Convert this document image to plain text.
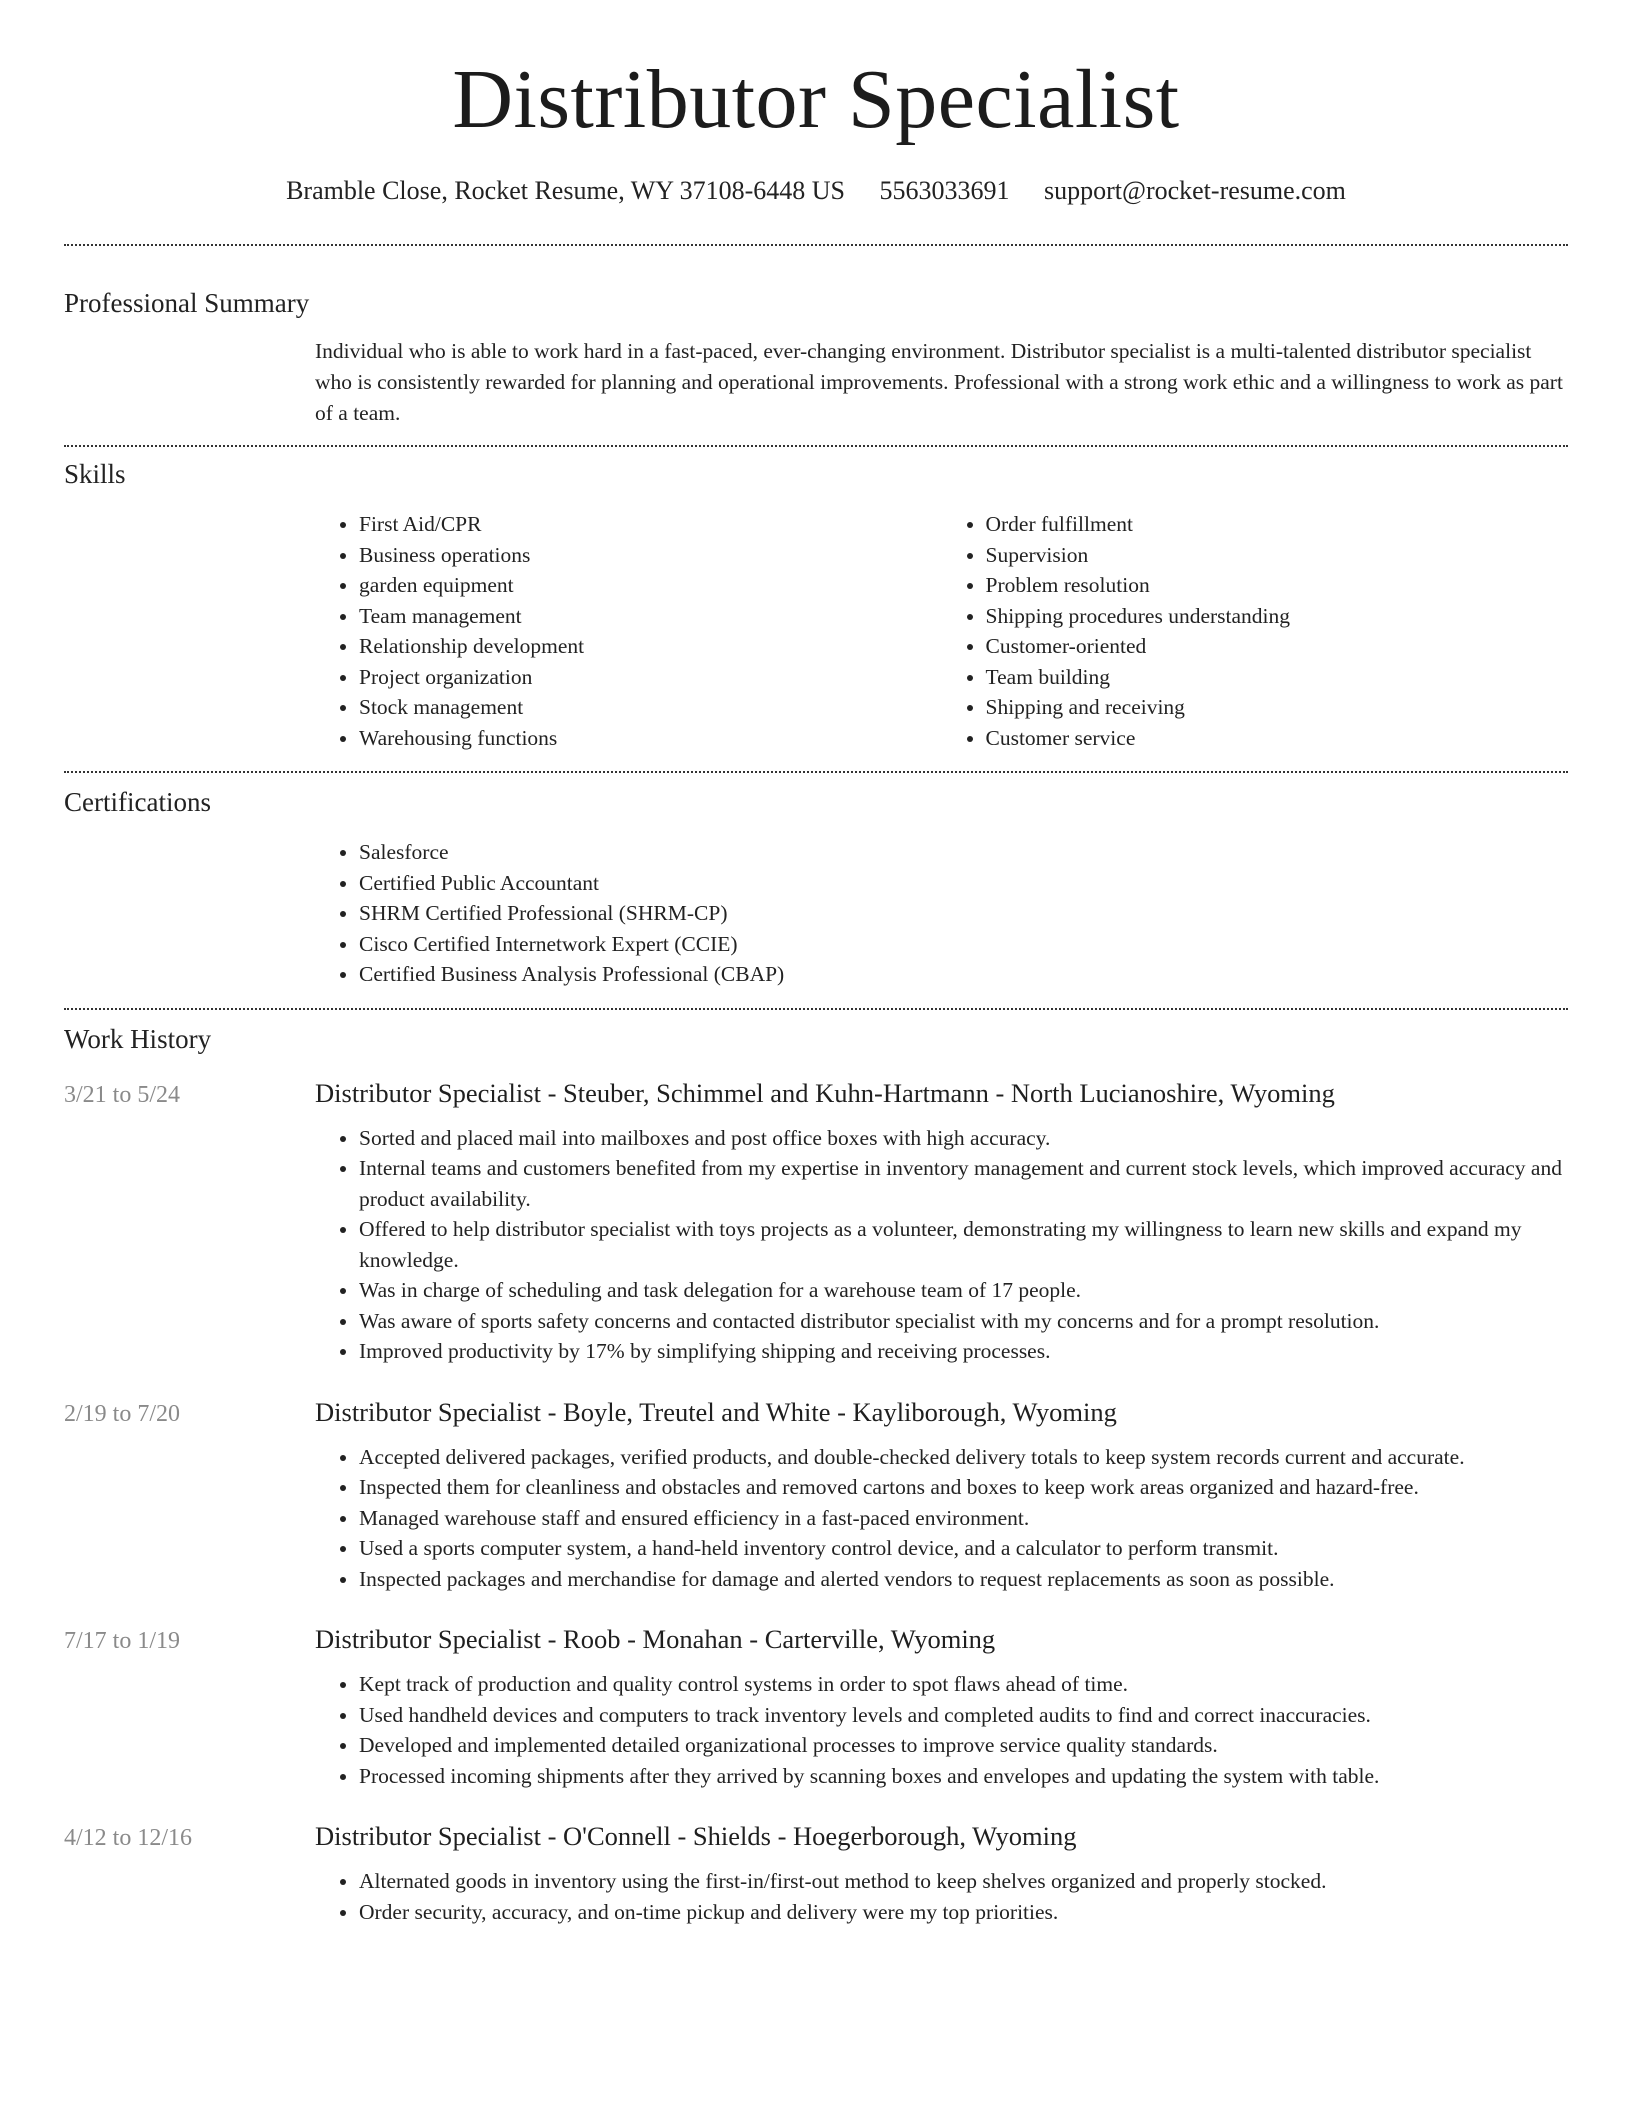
Distributor Specialist
Bramble Close, Rocket Resume, WY 37108-6448 US 5563033691 support@rocket-resume.com
Professional Summary

Individual who is able to work hard in a fast-paced, ever-changing environment. Distributor specialist is a multi-talented distributor specialist who is consistently rewarded for planning and operational improvements. Professional with a strong work ethic and a willingness to work as part of a team.

Skills
• First Aid/CPR
• Business operations
• garden equipment
• Team management
• Relationship development
• Project organization
• Stock management
• Warehousing functions
• Order fulfillment
• Supervision
• Problem resolution
• Shipping procedures understanding
• Customer-oriented
• Team building
• Shipping and receiving
• Customer service
Certifications
• Salesforce
• Certified Public Accountant
• SHRM Certified Professional (SHRM-CP)
• Cisco Certified Internetwork Expert (CCIE)
• Certified Business Analysis Professional (CBAP)
Work History
3/21 to 5/24	Distributor Specialist - Steuber, Schimmel and Kuhn-Hartmann - North Lucianoshire, Wyoming
• Sorted and placed mail into mailboxes and post office boxes with high accuracy.
• Internal teams and customers benefited from my expertise in inventory management and current stock levels, which improved accuracy and product availability.
• Offered to help distributor specialist with toys projects as a volunteer, demonstrating my willingness to learn new skills and expand my knowledge.
• Was in charge of scheduling and task delegation for a warehouse team of 17 people.
• Was aware of sports safety concerns and contacted distributor specialist with my concerns and for a prompt resolution.
• Improved productivity by 17% by simplifying shipping and receiving processes.
2/19 to 7/20	Distributor Specialist - Boyle, Treutel and White - Kayliborough, Wyoming
• Accepted delivered packages, verified products, and double-checked delivery totals to keep system records current and accurate.
• Inspected them for cleanliness and obstacles and removed cartons and boxes to keep work areas organized and hazard-free.
• Managed warehouse staff and ensured efficiency in a fast-paced environment.
• Used a sports computer system, a hand-held inventory control device, and a calculator to perform transmit.
• Inspected packages and merchandise for damage and alerted vendors to request replacements as soon as possible.
7/17 to 1/19	Distributor Specialist - Roob - Monahan - Carterville, Wyoming
• Kept track of production and quality control systems in order to spot flaws ahead of time.
• Used handheld devices and computers to track inventory levels and completed audits to find and correct inaccuracies.
• Developed and implemented detailed organizational processes to improve service quality standards.
• Processed incoming shipments after they arrived by scanning boxes and envelopes and updating the system with table.
4/12 to 12/16	Distributor Specialist - O'Connell - Shields - Hoegerborough, Wyoming
• Alternated goods in inventory using the first-in/first-out method to keep shelves organized and properly stocked.
• Order security, accuracy, and on-time pickup and delivery were my top priorities.
